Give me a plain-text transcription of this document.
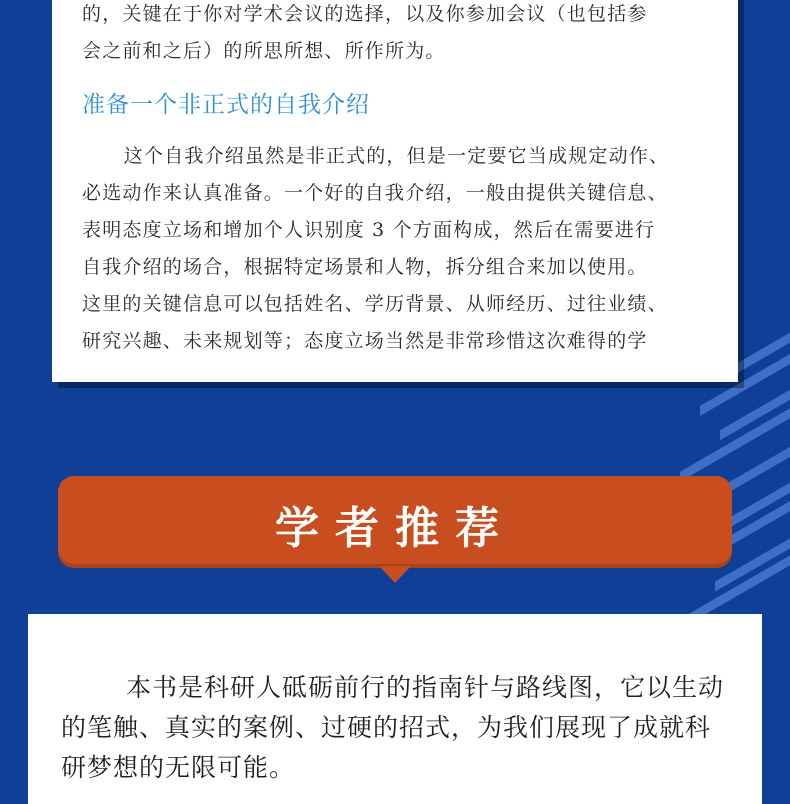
的，关键在于你对学术会议的选择，以及你参加会议（也包括参
会之前和之后）的所思所想、所作所为。
准备一个非正式的自我介绍
这个自我介绍虽然是非正式的，但是一定要它当成规定动作、
必选动作来认真准备。一个好的自我介绍，一般由提供关键信息、
表明态度立场和增加个人识别度 3 个方面构成，然后在需要进行
自我介绍的场合，根据特定场景和人物，拆分组合来加以使用。
这里的关键信息可以包括姓名、学历背景、从师经历、过往业绩、
研究兴趣、未来规划等；态度立场当然是非常珍惜这次难得的学
学者推荐
本书是科研人砥砺前行的指南针与路线图，它以生动
的笔触、真实的案例、过硬的招式，为我们展现了成就科
研梦想的无限可能。
